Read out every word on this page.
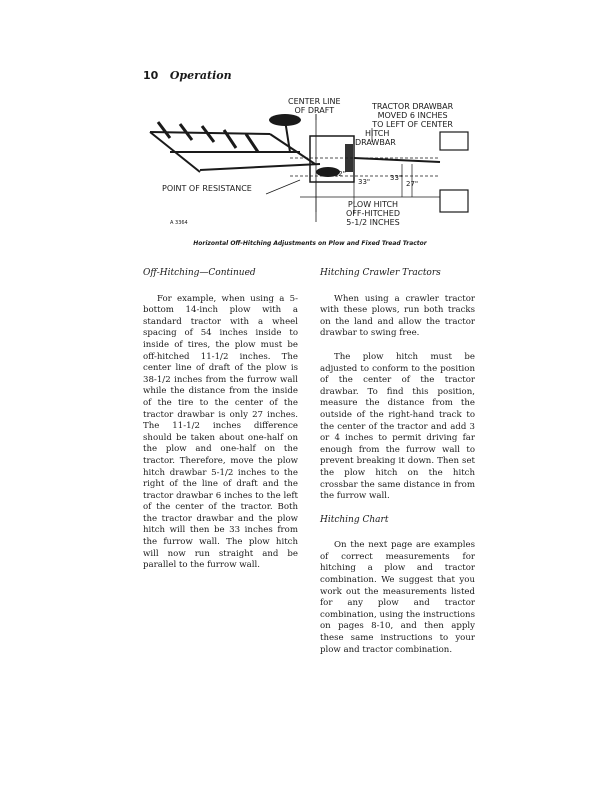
10 Operation
CENTER LINE
OF DRAFT	TRACTOR DRAWBAR
MOVED 6 INCHES
TO LEFT OF CENTER
HITCH
DRAWBAR
POINT OF RESISTANCE
38-1/2"
33"	33"
27"
PLOW HITCH
OFF-HITCHED
5-1/2 INCHES
A 3364
Horizontal Off-Hitching Adjustments on Plow and Fixed Tread Tractor

Off-Hitching—Continued

For example, when using a 5-bottom 14-inch plow with a standard tractor with a wheel spacing of 54 inches inside to inside of tires, the plow must be off-hitched 11-1/2 inches. The center line of draft of the plow is 38-1/2 inches from the furrow wall while the distance from the inside of the tire to the center of the tractor drawbar is only 27 inches. The 11-1/2 inches difference should be taken about one-half on the plow and one-half on the tractor. Therefore, move the plow hitch drawbar 5-1/2 inches to the right of the line of draft and the tractor drawbar 6 inches to the left of the center of the tractor. Both the tractor drawbar and the plow hitch will then be 33 inches from the furrow wall. The plow hitch will now run straight and be parallel to the furrow wall.

Hitching Crawler Tractors

When using a crawler tractor with these plows, run both tracks on the land and allow the tractor drawbar to swing free.

The plow hitch must be adjusted to conform to the position of the center of the tractor drawbar. To find this position, measure the distance from the outside of the right-hand track to the center of the tractor and add 3 or 4 inches to permit driving far enough from the furrow wall to prevent breaking it down. Then set the plow hitch on the hitch crossbar the same distance in from the furrow wall.

Hitching Chart

On the next page are examples of correct measurements for hitching a plow and tractor combination. We suggest that you work out the measurements listed for any plow and tractor combination, using the instructions on pages 8-10, and then apply these same instructions to your plow and tractor combination.
